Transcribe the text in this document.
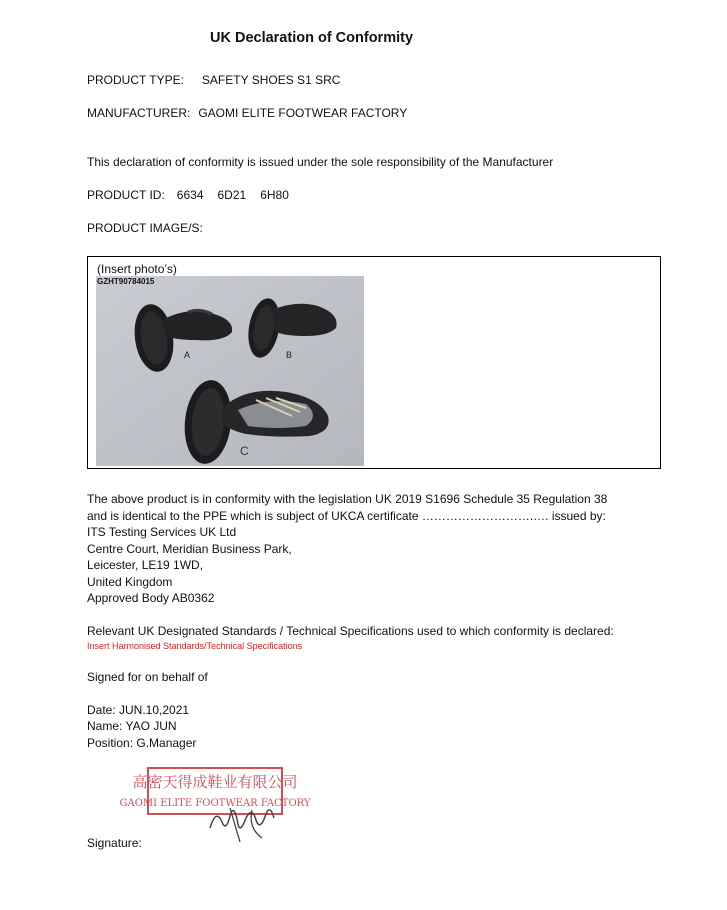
UK Declaration of Conformity
PRODUCT TYPE: SAFETY SHOES S1 SRC
MANUFACTURER: GAOMI ELITE FOOTWEAR FACTORY
This declaration of conformity is issued under the sole responsibility of the Manufacturer
PRODUCT ID: 6634 6D21 6H80
PRODUCT IMAGE/S:
(Insert photo’s)
GZHT90784015
A	B
C
The above product is in conformity with the legislation UK 2019 S1696 Schedule 35 Regulation 38
and is identical to the PPE which is subject of UKCA certificate ……………………….…. issued by:
ITS Testing Services UK Ltd
Centre Court, Meridian Business Park,
Leicester, LE19 1WD,
United Kingdom
Approved Body AB0362
Relevant UK Designated Standards / Technical Specifications used to which conformity is declared:
Insert Harmonised Standards/Technical Specifications
Signed for on behalf of
Date: JUN.10,2021
Name: YAO JUN
Position: G.Manager
高密天得成鞋业有限公司
GAOMI ELITE FOOTWEAR FACTORY
Signature:
